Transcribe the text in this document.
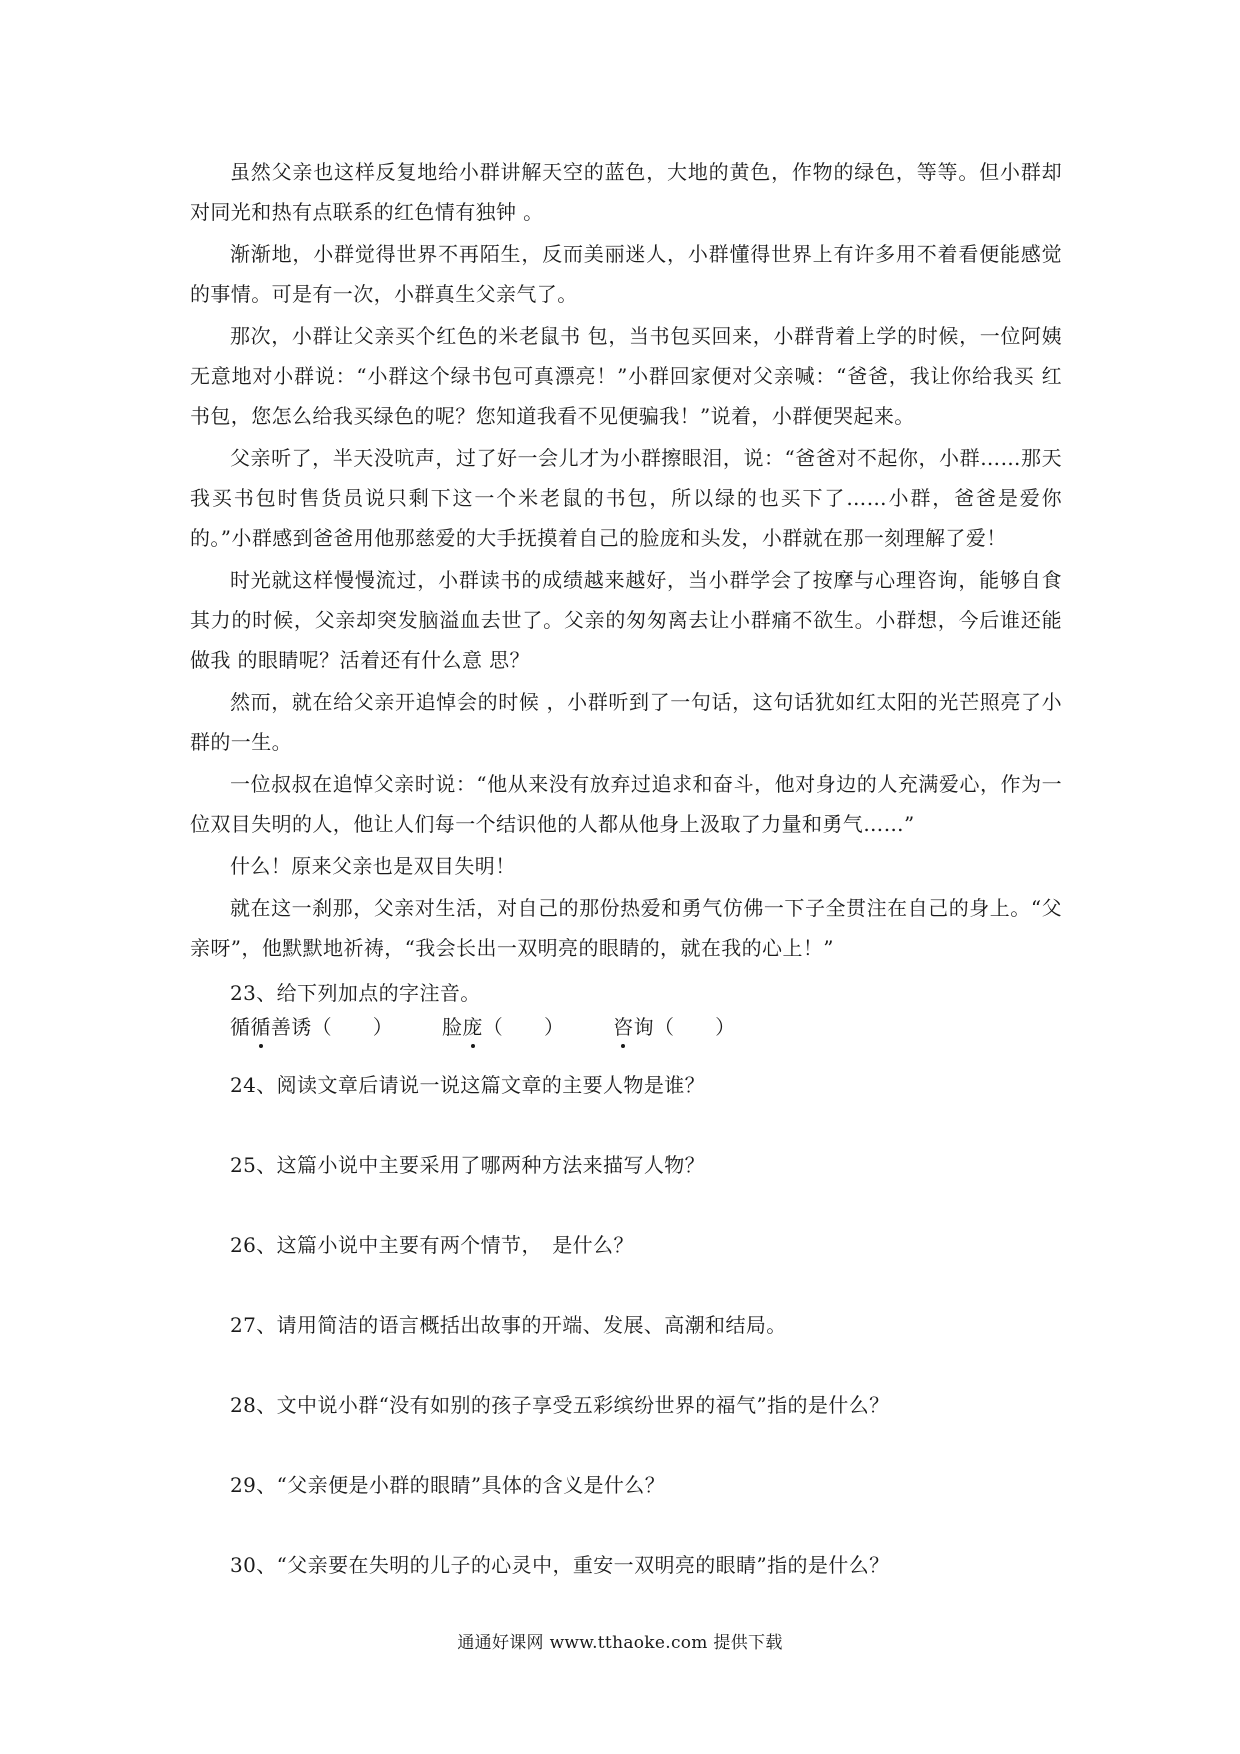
虽然父亲也这样反复地给小群讲解天空的蓝色，大地的黄色，作物的绿色，等等。但小群却对同光和热有点联系的红色情有独钟 。

渐渐地，小群觉得世界不再陌生，反而美丽迷人，小群懂得世界上有许多用不着看便能感觉的事情。可是有一次，小群真生父亲气了。

那次，小群让父亲买个红色的米老鼠书 包，当书包买回来，小群背着上学的时候，一位阿姨无意地对小群说：“小群这个绿书包可真漂亮！”小群回家便对父亲喊：“爸爸，我让你给我买 红书包，您怎么给我买绿色的呢？您知道我看不见便骗我！”说着，小群便哭起来。

父亲听了，半天没吭声，过了好一会儿才为小群擦眼泪，说：“爸爸对不起你，小群……那天我买书包时售货员说只剩下这一个米老鼠的书包，所以绿的也买下了……小群，爸爸是爱你的。”小群感到爸爸用他那慈爱的大手抚摸着自己的脸庞和头发，小群就在那一刻理解了爱！

时光就这样慢慢流过，小群读书的成绩越来越好，当小群学会了按摩与心理咨询，能够自食其力的时候，父亲却突发脑溢血去世了。父亲的匆匆离去让小群痛不欲生。小群想，今后谁还能做我 的眼睛呢？活着还有什么意 思？

然而，就在给父亲开追悼会的时候 ，小群听到了一句话，这句话犹如红太阳的光芒照亮了小群的一生。

一位叔叔在追悼父亲时说：“他从来没有放弃过追求和奋斗，他对身边的人充满爱心，作为一位双目失明的人，他让人们每一个结识他的人都从他身上汲取了力量和勇气……”

什么！原来父亲也是双目失明！

就在这一刹那，父亲对生活，对自己的那份热爱和勇气仿佛一下子全贯注在自己的身上。“父亲呀”，他默默地祈祷，“我会长出一双明亮的眼睛的，就在我的心上！”

23、给下列加点的字注音。

循循善诱（　　） 脸庞（　　） 咨询（　　）

24、阅读文章后请说一说这篇文章的主要人物是谁？

25、这篇小说中主要采用了哪两种方法来描写人物？

26、这篇小说中主要有两个情节，　是什么？

27、请用简洁的语言概括出故事的开端、发展、高潮和结局。

28、文中说小群“没有如别的孩子享受五彩缤纷世界的福气”指的是什么？

29、“父亲便是小群的眼睛”具体的含义是什么？

30、“父亲要在失明的儿子的心灵中，重安一双明亮的眼睛”指的是什么？

通通好课网 www.tthaoke.com 提供下载
